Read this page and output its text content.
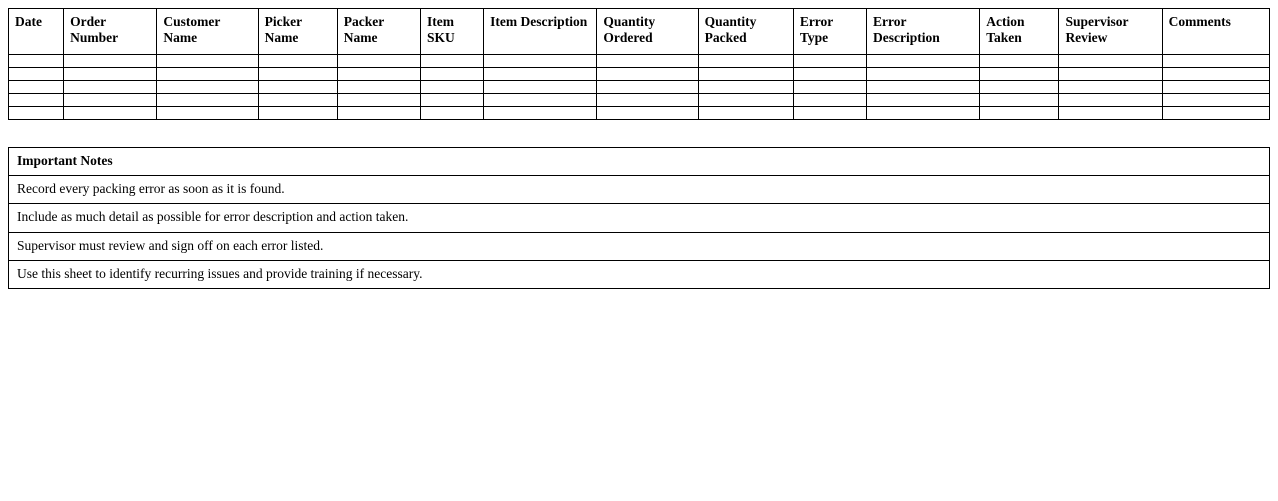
Date	Order Number	Customer Name	Picker Name	Packer Name	Item SKU	Item Description	Quantity Ordered	Quantity Packed	Error Type	Error Description	Action Taken	Supervisor Review	Comments

Important Notes
Record every packing error as soon as it is found.
Include as much detail as possible for error description and action taken.
Supervisor must review and sign off on each error listed.
Use this sheet to identify recurring issues and provide training if necessary.
